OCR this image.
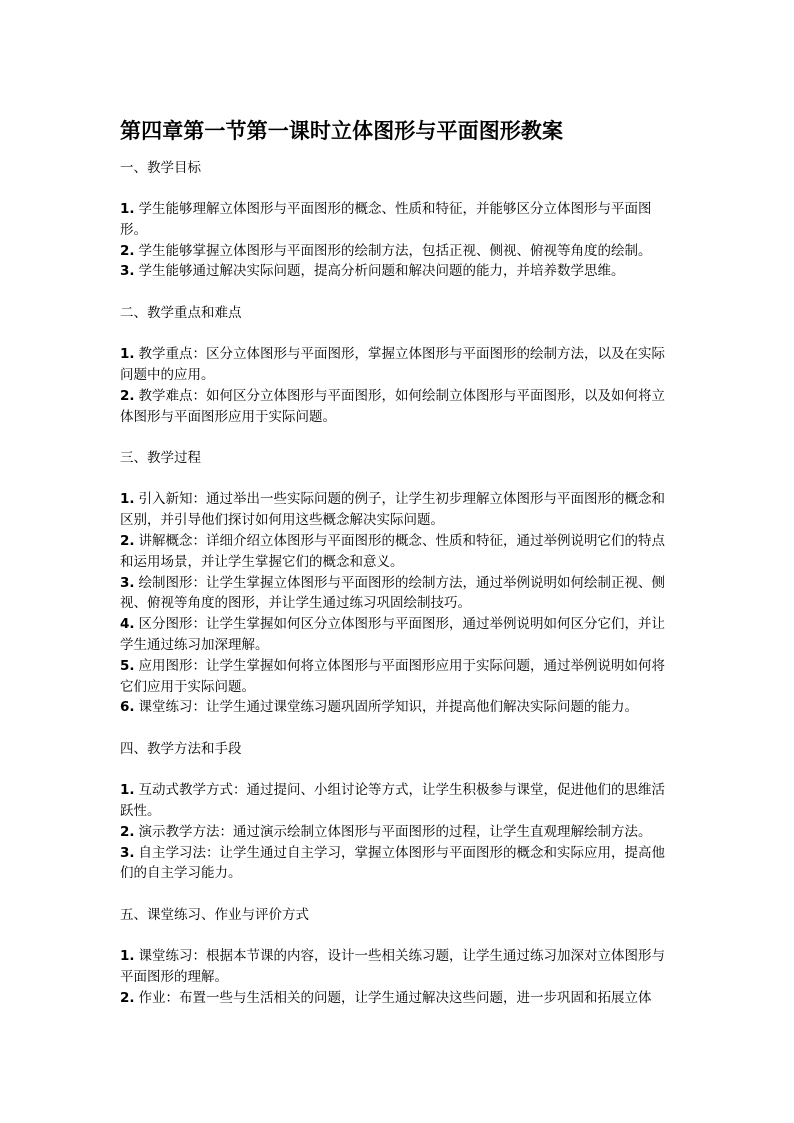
第四章第一节第一课时立体图形与平面图形教案
一、教学目标
1. 学生能够理解立体图形与平面图形的概念、性质和特征，并能够区分立体图形与平面图形。
2. 学生能够掌握立体图形与平面图形的绘制方法，包括正视、侧视、俯视等角度的绘制。
3. 学生能够通过解决实际问题，提高分析问题和解决问题的能力，并培养数学思维。
二、教学重点和难点
1. 教学重点：区分立体图形与平面图形，掌握立体图形与平面图形的绘制方法，以及在实际问题中的应用。
2. 教学难点：如何区分立体图形与平面图形，如何绘制立体图形与平面图形，以及如何将立体图形与平面图形应用于实际问题。
三、教学过程
1. 引入新知：通过举出一些实际问题的例子，让学生初步理解立体图形与平面图形的概念和区别，并引导他们探讨如何用这些概念解决实际问题。
2. 讲解概念：详细介绍立体图形与平面图形的概念、性质和特征，通过举例说明它们的特点和运用场景，并让学生掌握它们的概念和意义。
3. 绘制图形：让学生掌握立体图形与平面图形的绘制方法，通过举例说明如何绘制正视、侧视、俯视等角度的图形，并让学生通过练习巩固绘制技巧。
4. 区分图形：让学生掌握如何区分立体图形与平面图形，通过举例说明如何区分它们，并让学生通过练习加深理解。
5. 应用图形：让学生掌握如何将立体图形与平面图形应用于实际问题，通过举例说明如何将它们应用于实际问题。
6. 课堂练习：让学生通过课堂练习题巩固所学知识，并提高他们解决实际问题的能力。
四、教学方法和手段
1. 互动式教学方式：通过提问、小组讨论等方式，让学生积极参与课堂，促进他们的思维活跃性。
2. 演示教学方法：通过演示绘制立体图形与平面图形的过程，让学生直观理解绘制方法。
3. 自主学习法：让学生通过自主学习，掌握立体图形与平面图形的概念和实际应用，提高他们的自主学习能力。
五、课堂练习、作业与评价方式
1. 课堂练习：根据本节课的内容，设计一些相关练习题，让学生通过练习加深对立体图形与平面图形的理解。
2. 作业：布置一些与生活相关的问题，让学生通过解决这些问题，进一步巩固和拓展立体
